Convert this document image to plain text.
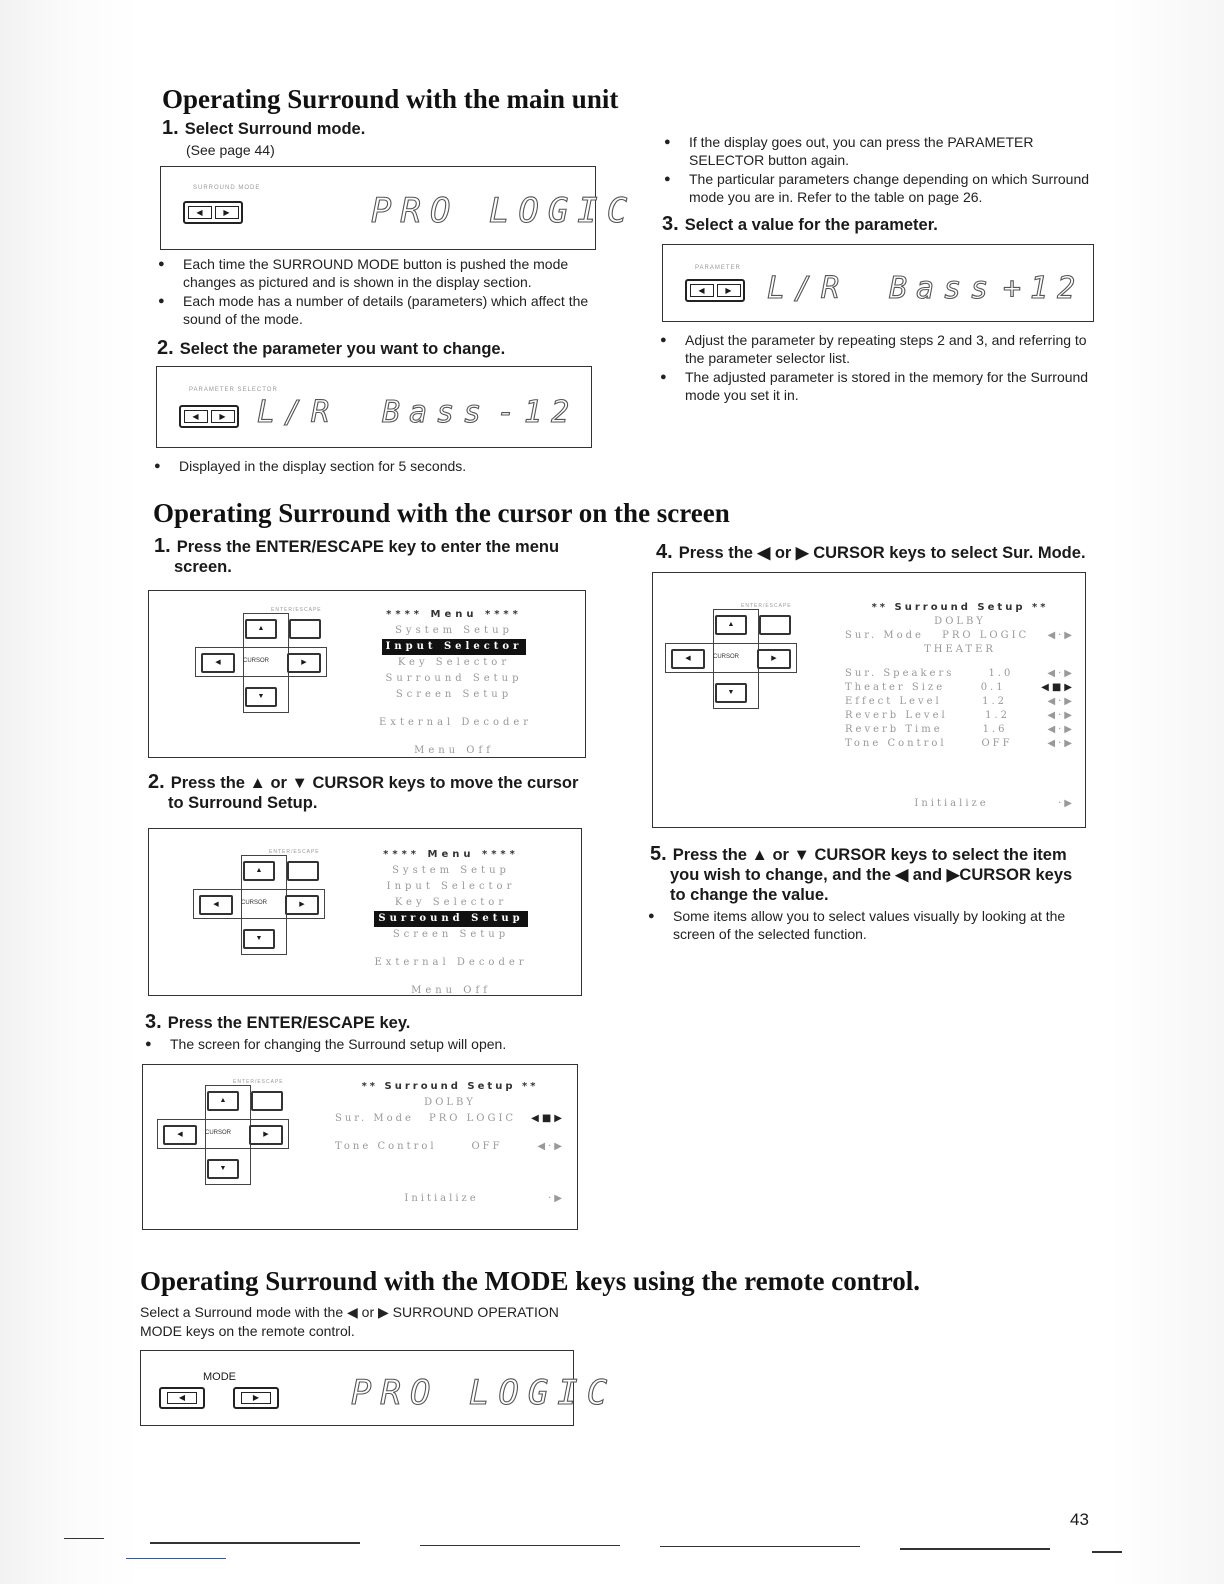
Operating Surround with the main unit
1. Select Surround mode.
(See page 44)
SURROUND MODE
◀	▶	PRO LOGIC
● Each time the SURROUND MODE button is pushed the mode changes as pictured and is shown in the display section.
● Each mode has a number of details (parameters) which affect the sound of the mode.
2. Select the parameter you want to change.
PARAMETER SELECTOR
◀	▶ L/R Bass -12
● Displayed in the display section for 5 seconds.
● If the display goes out, you can press the PARAMETER SELECTOR button again.
● The particular parameters change depending on which Surround mode you are in. Refer to the table on page 26.
3. Select a value for the parameter.
PARAMETER
◀	▶ L/R Bass +12
● Adjust the parameter by repeating steps 2 and 3, and referring to the parameter selector list.
● The adjusted parameter is stored in the memory for the Surround mode you set it in.
Operating Surround with the cursor on the screen
1. Press the ENTER/ESCAPE key to enter the menu
screen.
ENTER/ESCAPE
▲
◀	CURSOR	▶
▼
**** Menu ****
System Setup
Input Selector
Key Selector
Surround Setup
Screen Setup
External Decoder
Menu Off
2. Press the ▲ or ▼ CURSOR keys to move the cursor
to Surround Setup.
ENTER/ESCAPE
▲
◀	CURSOR	▶
▼
**** Menu ****
System Setup
Input Selector
Key Selector
Surround Setup
Screen Setup
External Decoder
Menu Off
3. Press the ENTER/ESCAPE key.
● The screen for changing the Surround setup will open.
ENTER/ESCAPE
▲
◀	CURSOR	▶
▼
** Surround Setup **
DOLBY
Sur. Mode PRO LOGIC ◀■▶
Tone Control	OFF	◀·▶
Initialize	·▶
4. Press the ◀ or ▶ CURSOR keys to select Sur. Mode.
ENTER/ESCAPE
▲
◀	CURSOR	▶
▼
** Surround Setup **
DOLBY
Sur. Mode PRO LOGIC ◀·▶
THEATER
Sur. Speakers	1.0	◀·▶
Theater Size	0.1	◀■▶
Effect Level	1.2	◀·▶
Reverb Level	1.2	◀·▶
Reverb Time	1.6	◀·▶
Tone Control	OFF	◀·▶
Initialize	·▶
5. Press the ▲ or ▼ CURSOR keys to select the item
you wish to change, and the ◀ and ▶CURSOR keys
to change the value.
● Some items allow you to select values visually by looking at the screen of the selected function.
Operating Surround with the MODE keys using the remote control.
Select a Surround mode with the ◀ or ▶ SURROUND OPERATION
MODE keys on the remote control.
MODE
◀	▶	PRO LOGIC
43
